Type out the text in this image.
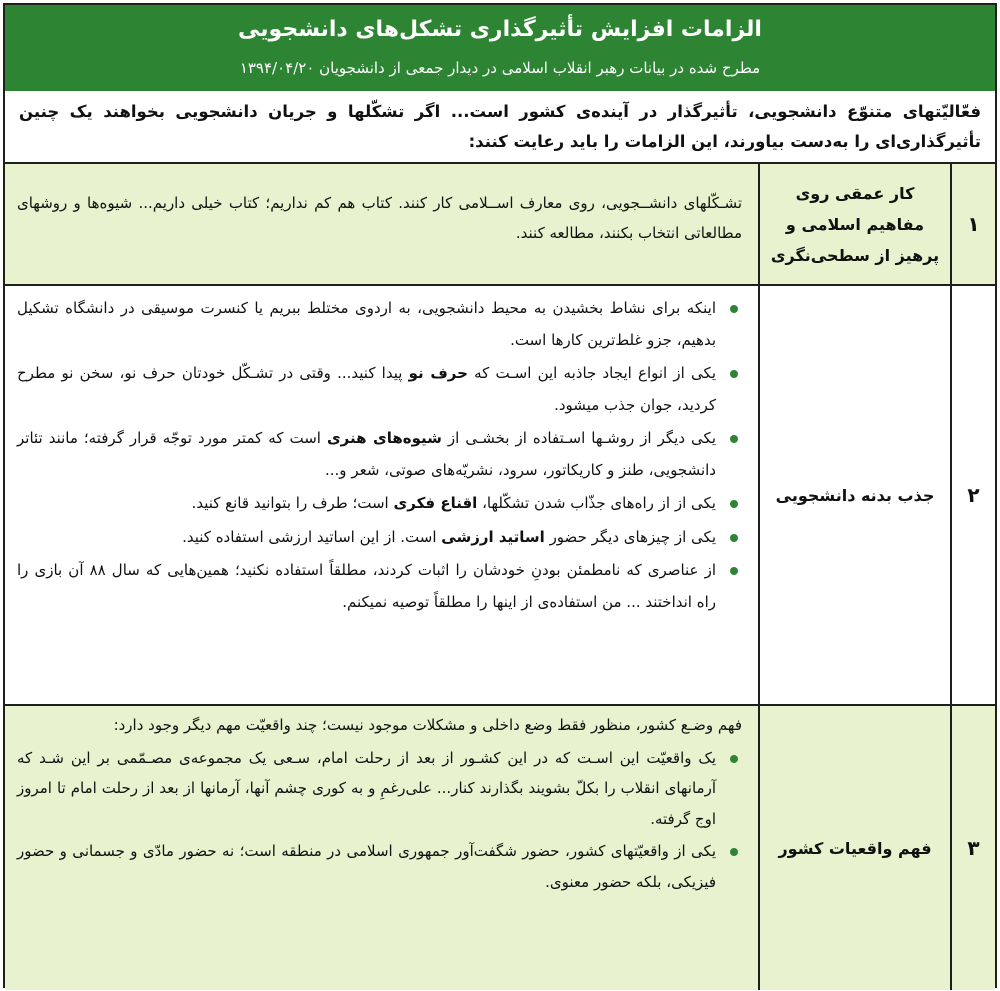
الزامات افزایش تأثیرگذاری تشکل‌های دانشجویی
مطرح شده در بیانات رهبر انقلاب اسلامی در دیدار جمعی از دانشجویان ۱۳۹۴/۰۴/۲۰
فعّالیّتهای متنوّع دانشجویی، تأثیرگذار در آینده‌ی کشور است... اگر تشکّلها و جریان دانشجویی بخواهند یک چنین تأثیرگذاری‌ای را به‌دست بیاورند، این الزامات را باید رعایت کنند:
۱
کار عمقی روی مفاهیم اسلامی و پرهیز از سطحی‌نگری
تشـکّلهای دانشــجویی، روی معارف اســلامی کار کنند. کتاب هم کم نداریم؛ کتاب خیلی داریم... شیوه‌ها و روشهای مطالعاتی انتخاب بکنند، مطالعه کنند.
۲
جذب بدنه دانشجویی
اینکه برای نشاط بخشیدن به محیط دانشجویی، به اردوی مختلط ببریم یا کنسرت موسیقی در دانشگاه تشکیل بدهیم، جزو غلط‌ترین کارها است.
یکی از انواع ایجاد جاذبه این اسـت که حرف نو پیدا کنید... وقتی در تشـکّل خودتان حرف نو، سخن نو مطرح کردید، جوان جذب میشود.
یکی دیگر از روشـها اسـتفاده از بخشـی از شیوه‌های هنری است که کمتر مورد توجّه قرار گرفته؛ مانند تئاتر دانشجویی، طنز و کاریکاتور، سرود، نشریّه‌های صوتی، شعر و...
یکی از از راه‌های جذّاب شدن تشکّلها، اقناع فکری است؛ طرف را بتوانید قانع کنید.
یکی از چیزهای دیگر حضور اساتید ارزشی است. از این اساتید ارزشی استفاده کنید.
از عناصری که نامطمئن بودنِ خودشان را اثبات کردند، مطلقاً استفاده نکنید؛ همین‌هایی که سال ۸۸ آن بازی را راه انداختند ... من استفاده‌ی از اینها را مطلقاً توصیه نمیکنم.
۳
فهم واقعیات کشور
فهم وضـع کشور، منظور فقط وضع داخلی و مشکلات موجود نیست؛ چند واقعیّت مهم دیگر وجود دارد:
یک واقعیّت این اسـت که در این کشـور از بعد از رحلت امام، سـعی یک مجموعه‌ی مصـمّمی بر این شـد که آرمانهای انقلاب را بکلّ بشویند بگذارند کنار... علی‌رغمِ و به کوری چشم آنها، آرمانها از بعد از رحلت امام تا امروز اوج گرفته.
یکی از واقعیّتهای کشور، حضور شگفت‌آور جمهوری اسلامی در منطقه است؛ نه حضور مادّی و جسمانی و حضور فیزیکی، بلکه حضور معنوی.
